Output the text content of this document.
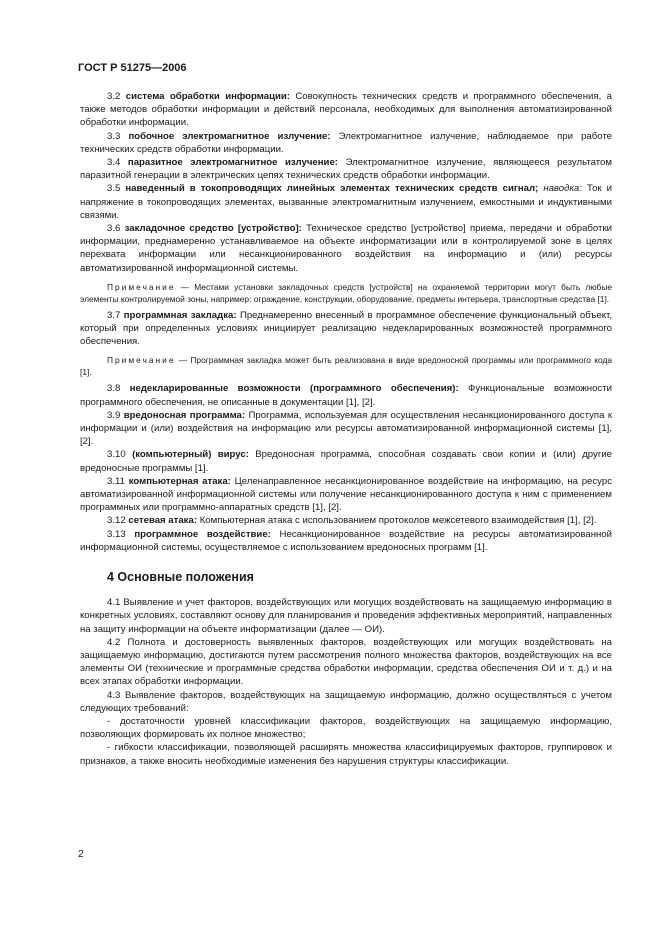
ГОСТ Р 51275—2006

3.2 система обработки информации: Совокупность технических средств и программного обеспечения, а также методов обработки информации и действий персонала, необходимых для выполнения автоматизированной обработки информации.

3.3 побочное электромагнитное излучение: Электромагнитное излучение, наблюдаемое при работе технических средств обработки информации.

3.4 паразитное электромагнитное излучение: Электромагнитное излучение, являющееся результатом паразитной генерации в электрических цепях технических средств обработки информации.

3.5 наведенный в токопроводящих линейных элементах технических средств сигнал; наводка: Ток и напряжение в токопроводящих элементах, вызванные электромагнитным излучением, емкостными и индуктивными связями.

3.6 закладочное средство [устройство]: Техническое средство [устройство] приема, передачи и обработки информации, преднамеренно устанавливаемое на объекте информатизации или в контролируемой зоне в целях перехвата информации или несанкционированного воздействия на информацию и (или) ресурсы автоматизированной информационной системы.

Примечание — Местами установки закладочных средств [устройств] на охраняемой территории могут быть любые элементы контролируемой зоны, например: ограждение, конструкции, оборудование, предметы интерьера, транспортные средства [1].

3.7 программная закладка: Преднамеренно внесенный в программное обеспечение функциональный объект, который при определенных условиях инициирует реализацию недекларированных возможностей программного обеспечения.

Примечание — Программная закладка может быть реализована в виде вредоносной программы или программного кода [1].

3.8 недекларированные возможности (программного обеспечения): Функциональные возможности программного обеспечения, не описанные в документации [1], [2].

3.9 вредоносная программа: Программа, используемая для осуществления несанкционированного доступа к информации и (или) воздействия на информацию или ресурсы автоматизированной информационной системы [1], [2].

3.10 (компьютерный) вирус: Вредоносная программа, способная создавать свои копии и (или) другие вредоносные программы [1].

3.11 компьютерная атака: Целенаправленное несанкционированное воздействие на информацию, на ресурс автоматизированной информационной системы или получение несанкционированного доступа к ним с применением программных или программно-аппаратных средств [1], [2].

3.12 сетевая атака: Компьютерная атака с использованием протоколов межсетевого взаимодействия [1], [2].

3.13 программное воздействие: Несанкционированное воздействие на ресурсы автоматизированной информационной системы, осуществляемое с использованием вредоносных программ [1].

4 Основные положения

4.1 Выявление и учет факторов, воздействующих или могущих воздействовать на защищаемую информацию в конкретных условиях, составляют основу для планирования и проведения эффективных мероприятий, направленных на защиту информации на объекте информатизации (далее — ОИ).

4.2 Полнота и достоверность выявленных факторов, воздействующих или могущих воздействовать на защищаемую информацию, достигаются путем рассмотрения полного множества факторов, воздействующих на все элементы ОИ (технические и программные средства обработки информации, средства обеспечения ОИ и т. д.) и на всех этапах обработки информации.

4.3 Выявление факторов, воздействующих на защищаемую информацию, должно осуществляться с учетом следующих требований:

- достаточности уровней классификации факторов, воздействующих на защищаемую информацию, позволяющих формировать их полное множество;

- гибкости классификации, позволяющей расширять множества классифицируемых факторов, группировок и признаков, а также вносить необходимые изменения без нарушения структуры классификации.

2
